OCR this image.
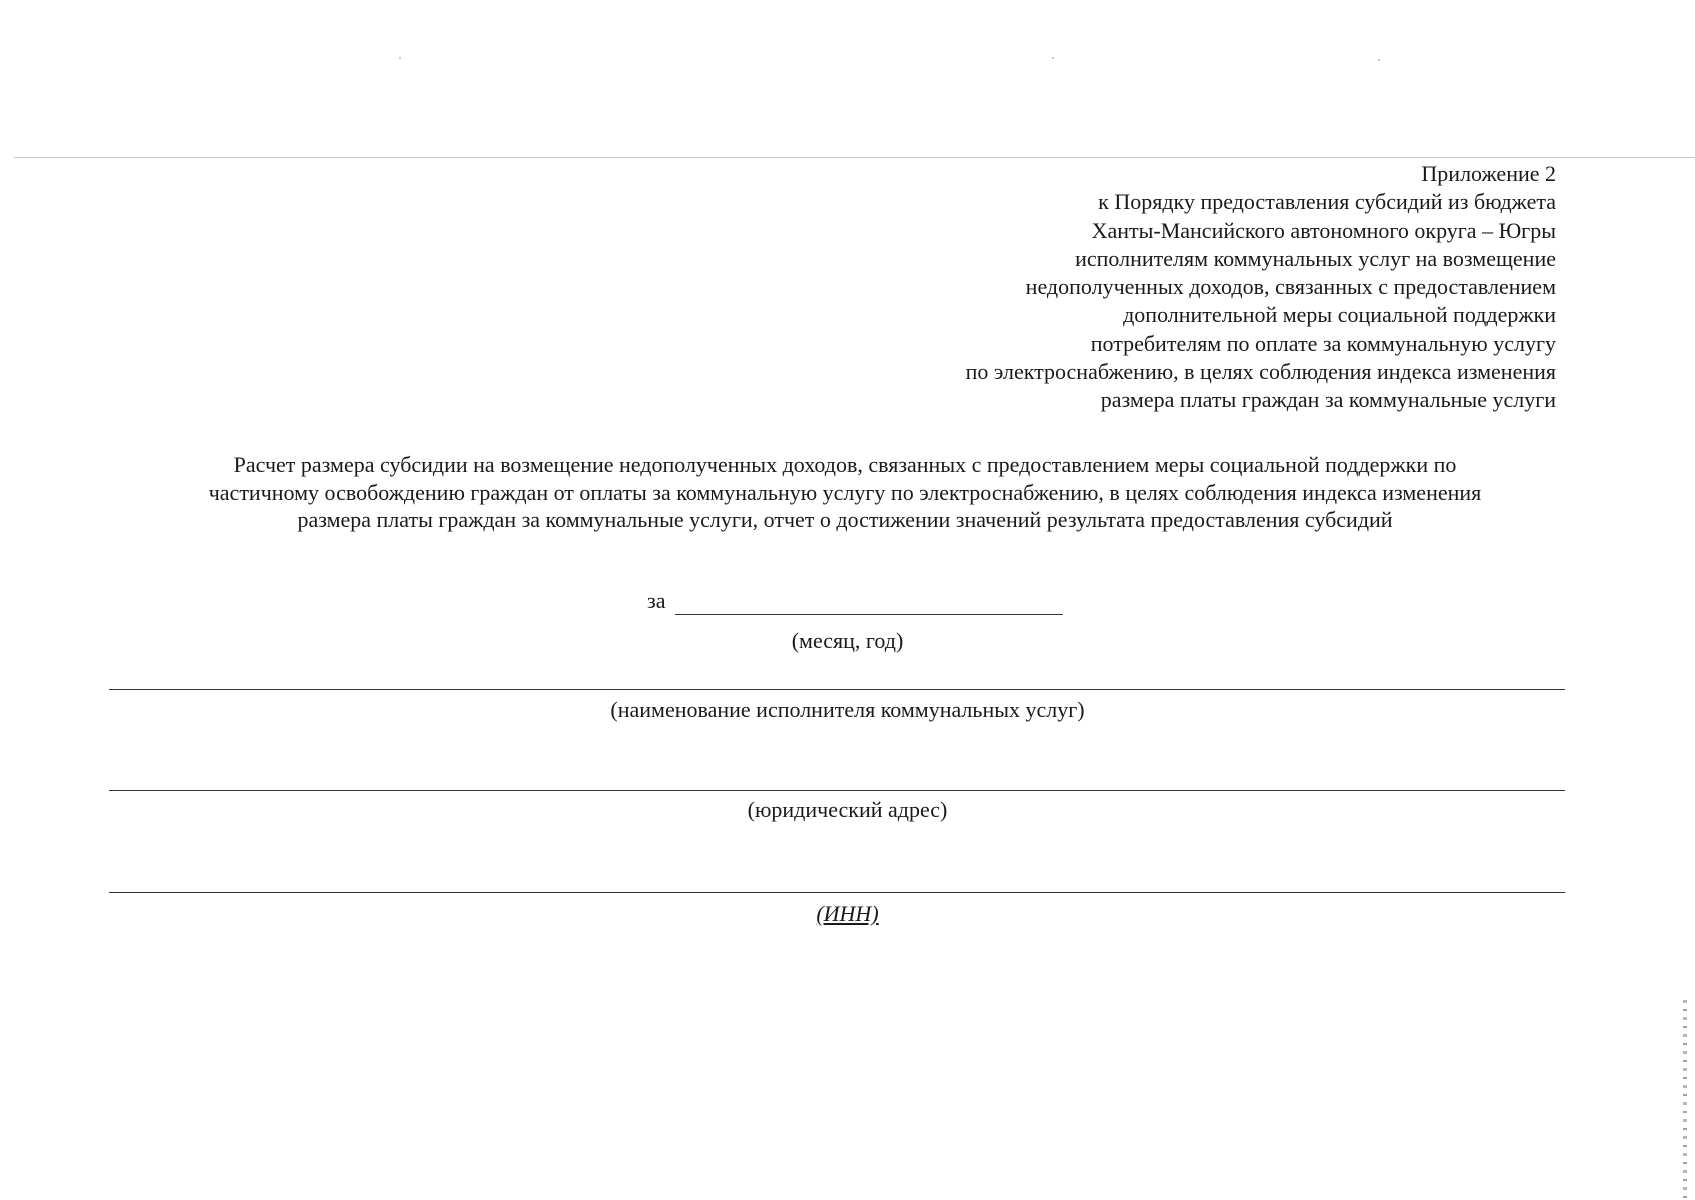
Приложение 2
к Порядку предоставления субсидий из бюджета
Ханты-Мансийского автономного округа – Югры
исполнителям коммунальных услуг на возмещение
недополученных доходов, связанных с предоставлением
дополнительной меры социальной поддержки
потребителям по оплате за коммунальную услугу
по электроснабжению, в целях соблюдения индекса изменения
размера платы граждан за коммунальные услуги
Расчет размера субсидии на возмещение недополученных доходов, связанных с предоставлением меры социальной поддержки по
частичному освобождению граждан от оплаты за коммунальную услугу по электроснабжению, в целях соблюдения индекса изменения
размера платы граждан за коммунальные услуги, отчет о достижении значений результата предоставления субсидий
за
(месяц, год)
(наименование исполнителя коммунальных услуг)
(юридический адрес)
(ИНН)
